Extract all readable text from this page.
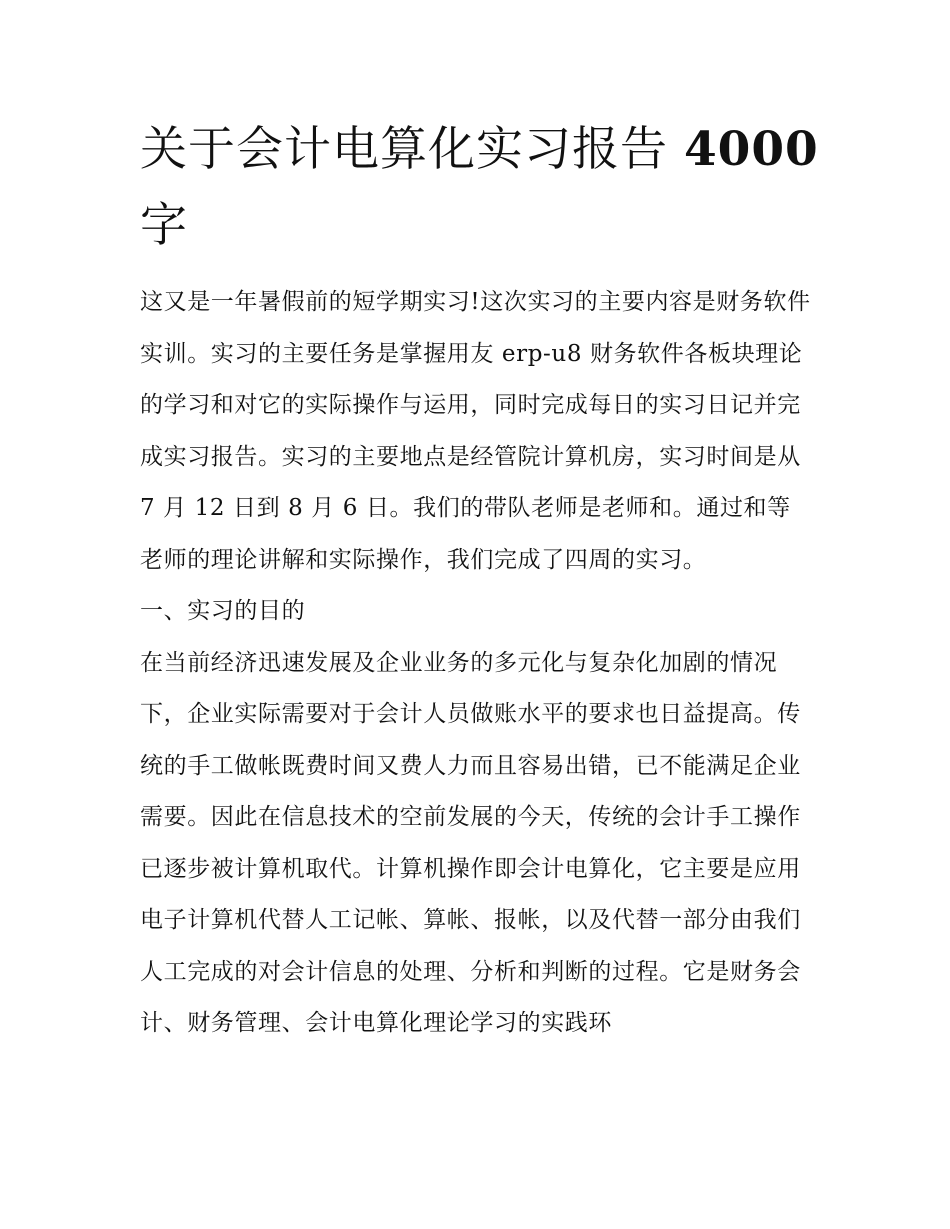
关于会计电算化实习报告 4000
字

这又是一年暑假前的短学期实习!这次实习的主要内容是财务软件实训。实习的主要任务是掌握用友 erp-u8 财务软件各板块理论的学习和对它的实际操作与运用，同时完成每日的实习日记并完成实习报告。实习的主要地点是经管院计算机房，实习时间是从 7 月 12 日到 8 月 6 日。我们的带队老师是老师和。通过和等老师的理论讲解和实际操作，我们完成了四周的实习。

一、实习的目的

在当前经济迅速发展及企业业务的多元化与复杂化加剧的情况下，企业实际需要对于会计人员做账水平的要求也日益提高。传统的手工做帐既费时间又费人力而且容易出错，已不能满足企业需要。因此在信息技术的空前发展的今天，传统的会计手工操作已逐步被计算机取代。计算机操作即会计电算化，它主要是应用电子计算机代替人工记帐、算帐、报帐，以及代替一部分由我们人工完成的对会计信息的处理、分析和判断的过程。它是财务会计、财务管理、会计电算化理论学习的实践环
